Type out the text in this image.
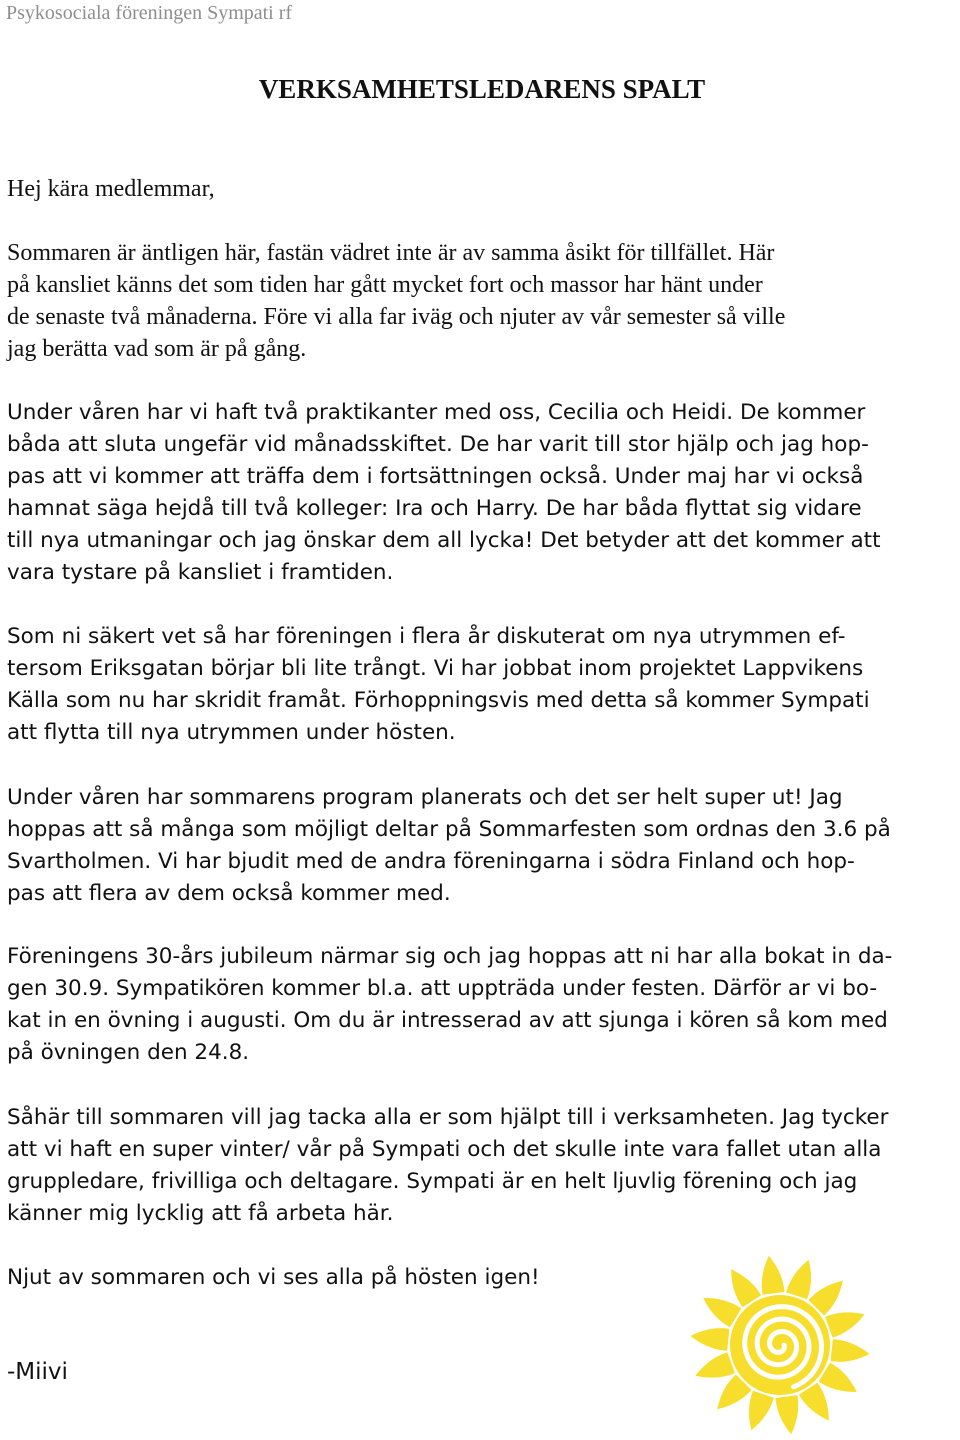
Psykosociala föreningen Sympati rf
VERKSAMHETSLEDARENS SPALT

Hej kära medlemmar,

Sommaren är äntligen här, fastän vädret inte är av samma åsikt för tillfället. Här
på kansliet känns det som tiden har gått mycket fort och massor har hänt under
de senaste två månaderna. Före vi alla far iväg och njuter av vår semester så ville
jag berätta vad som är på gång.

Under våren har vi haft två praktikanter med oss, Cecilia och Heidi. De kommer
båda att sluta ungefär vid månadsskiftet. De har varit till stor hjälp och jag hop-
pas att vi kommer att träffa dem i fortsättningen också. Under maj har vi också
hamnat säga hejdå till två kolleger: Ira och Harry. De har båda flyttat sig vidare
till nya utmaningar och jag önskar dem all lycka! Det betyder att det kommer att
vara tystare på kansliet i framtiden.

Som ni säkert vet så har föreningen i flera år diskuterat om nya utrymmen ef-
tersom Eriksgatan börjar bli lite trångt. Vi har jobbat inom projektet Lappvikens
Källa som nu har skridit framåt. Förhoppningsvis med detta så kommer Sympati
att flytta till nya utrymmen under hösten.

Under våren har sommarens program planerats och det ser helt super ut! Jag
hoppas att så många som möjligt deltar på Sommarfesten som ordnas den 3.6 på
Svartholmen. Vi har bjudit med de andra föreningarna i södra Finland och hop-
pas att flera av dem också kommer med.

Föreningens 30-års jubileum närmar sig och jag hoppas att ni har alla bokat in da-
gen 30.9. Sympatikören kommer bl.a. att uppträda under festen. Därför ar vi bo-
kat in en övning i augusti. Om du är intresserad av att sjunga i kören så kom med
på övningen den 24.8.

Såhär till sommaren vill jag tacka alla er som hjälpt till i verksamheten. Jag tycker
att vi haft en super vinter/ vår på Sympati och det skulle inte vara fallet utan alla
gruppledare, frivilliga och deltagare. Sympati är en helt ljuvlig förening och jag
känner mig lycklig att få arbeta här.

Njut av sommaren och vi ses alla på hösten igen!

-Miivi
